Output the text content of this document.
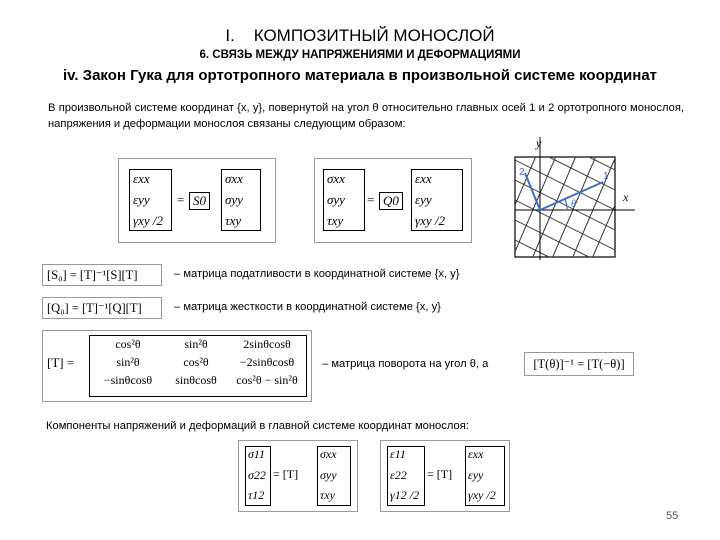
I. КОМПОЗИТНЫЙ МОНОСЛОЙ
6. СВЯЗЬ МЕЖДУ НАПРЯЖЕНИЯМИ И ДЕФОРМАЦИЯМИ
iv. Закон Гука для ортотропного материала в произвольной системе координат
В произвольной системе координат {x, y}, повернутой на угол θ относительно главных осей 1 и 2 ортотропного монослоя, напряжения и деформации монослоя связаны следующим образом:
εxx
εyy
γxy /2
= S0
σxx
σyy
τxy
σxx
σyy
τxy
= Q0
εxx
εyy
γxy /2
y
x
1
2
θ
[S₀] = [T]⁻¹[S][T]	– матрица податливости в координатной системе {x, y}
[Q₀] = [T]⁻¹[Q][T]	– матрица жесткости в координатной системе {x, y}
[T] =
cos²θ	sin²θ	2sinθcosθ
sin²θ	cos²θ	−2sinθcosθ
−sinθcosθ	sinθcosθ	cos²θ − sin²θ
– матрица поворота на угол θ, а	[T(θ)]⁻¹ = [T(−θ)]
Компоненты напряжений и деформаций в главной системе координат монослоя:
σ11
σ22
τ12
= [T]
σxx
σyy
τxy
ε11
ε22
γ12 /2
= [T]
εxx
εyy
γxy /2
55
